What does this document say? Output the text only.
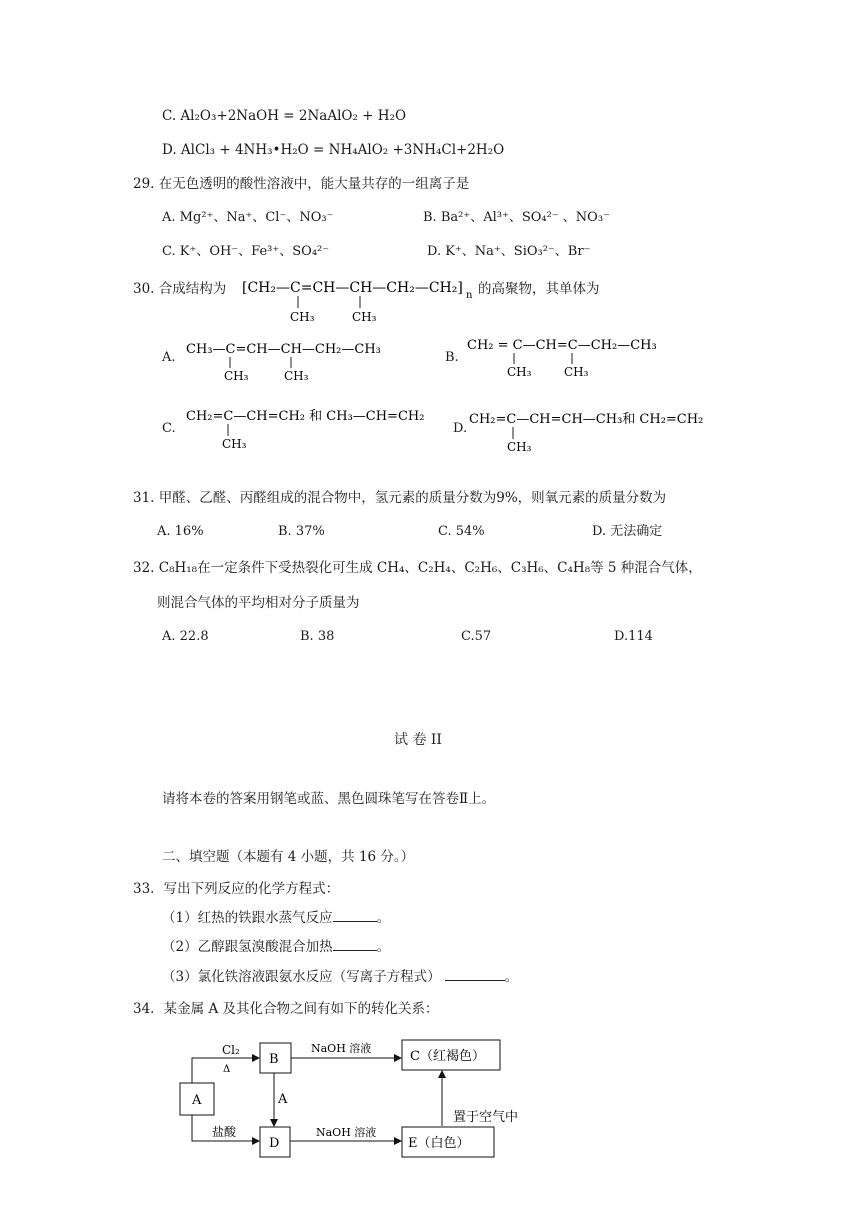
C. Al₂O₃+2NaOH = 2NaAlO₂ + H₂O
D. AlCl₃ + 4NH₃•H₂O = NH₄AlO₂ +3NH₄Cl+2H₂O
29. 在无色透明的酸性溶液中，能大量共存的一组离子是
A. Mg²⁺、Na⁺、Cl⁻、NO₃⁻	B. Ba²⁺、Al³⁺、SO₄²⁻ 、NO₃⁻
C. K⁺、OH⁻、Fe³⁺、SO₄²⁻	D. K⁺、Na⁺、SiO₃²⁻、Br⁻
30. 合成结构为 [CH₂—C=CH—CH—CH₂—CH₂] n
CH₃	CH₃
的高聚物，其单体为
A.
CH₃—C=CH—CH—CH₂—CH₃
CH₃	CH₃
B.
CH₂ = C—CH=C—CH₂—CH₃
CH₃	CH₃
C.
CH₂=C—CH=CH₂ 和 CH₃—CH=CH₂
CH₃
D.
CH₂=C—CH=CH—CH₃和 CH₂=CH₂
CH₃
31. 甲醛、乙醛、丙醛组成的混合物中，氢元素的质量分数为9%，则氧元素的质量分数为
A. 16%	B. 37%	C. 54%	D. 无法确定
32. C₈H₁₈在一定条件下受热裂化可生成 CH₄、C₂H₄、C₂H₆、C₃H₆、C₄H₈等 5 种混合气体，
则混合气体的平均相对分子质量为
A. 22.8	B. 38	C.57	D.114
试 卷 II
请将本卷的答案用钢笔或蓝、黑色圆珠笔写在答卷Ⅱ上。
二、填空题（本题有 4 小题，共 16 分。）
33．写出下列反应的化学方程式：
（1）红热的铁跟水蒸气反应	。
（2）乙醇跟氢溴酸混合加热	。
（3）氯化铁溶液跟氨水反应（写离子方程式）	。
34．某金属 A 及其化合物之间有如下的转化关系：
A
B	C（红褐色）
D	E（白色）
Cl₂
Δ
盐酸
A
NaOH 溶液
NaOH 溶液
置于空气中
